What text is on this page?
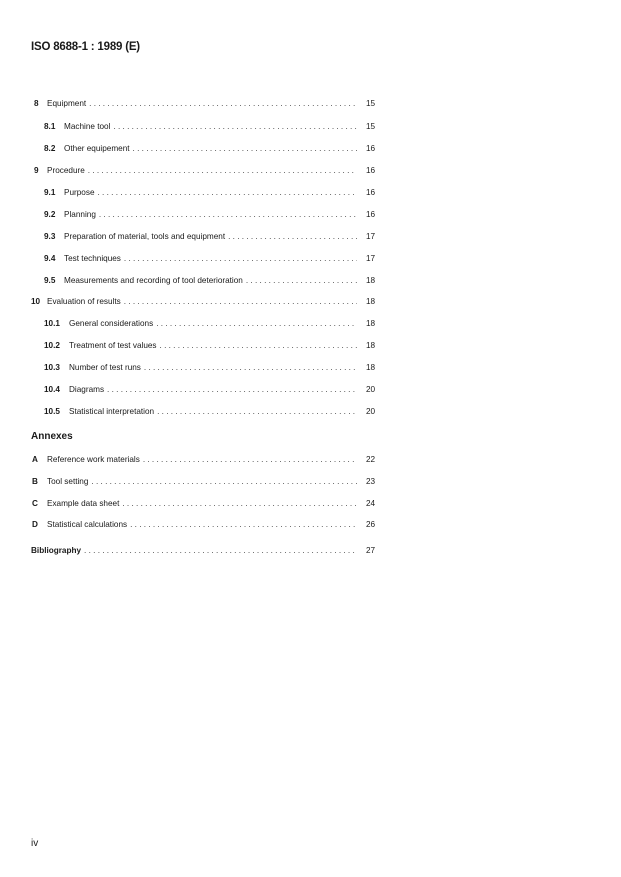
ISO 8688-1 : 1989 (E)
8 Equipment . . .	15
8.1 Machine tool . . .	15
8.2 Other equipement . . .	16
9 Procedure . . .	16
9.1 Purpose . . .	16
9.2 Planning . . .	16
9.3 Preparation of material, tools and equipment . . .	17
9.4 Test techniques . . .	17
9.5 Measurements and recording of tool deterioration . . .	18
10 Evaluation of results . . .	18
10.1 General considerations . . .	18
10.2 Treatment of test values . . .	18
10.3 Number of test runs . . .	18
10.4 Diagrams . . .	20
10.5 Statistical interpretation . . .	20
Annexes
A Reference work materials . . .	22
B Tool setting . . .	23
C Example data sheet . . .	24
D Statistical calculations . . .	26
Bibliography . . .	27
iv
